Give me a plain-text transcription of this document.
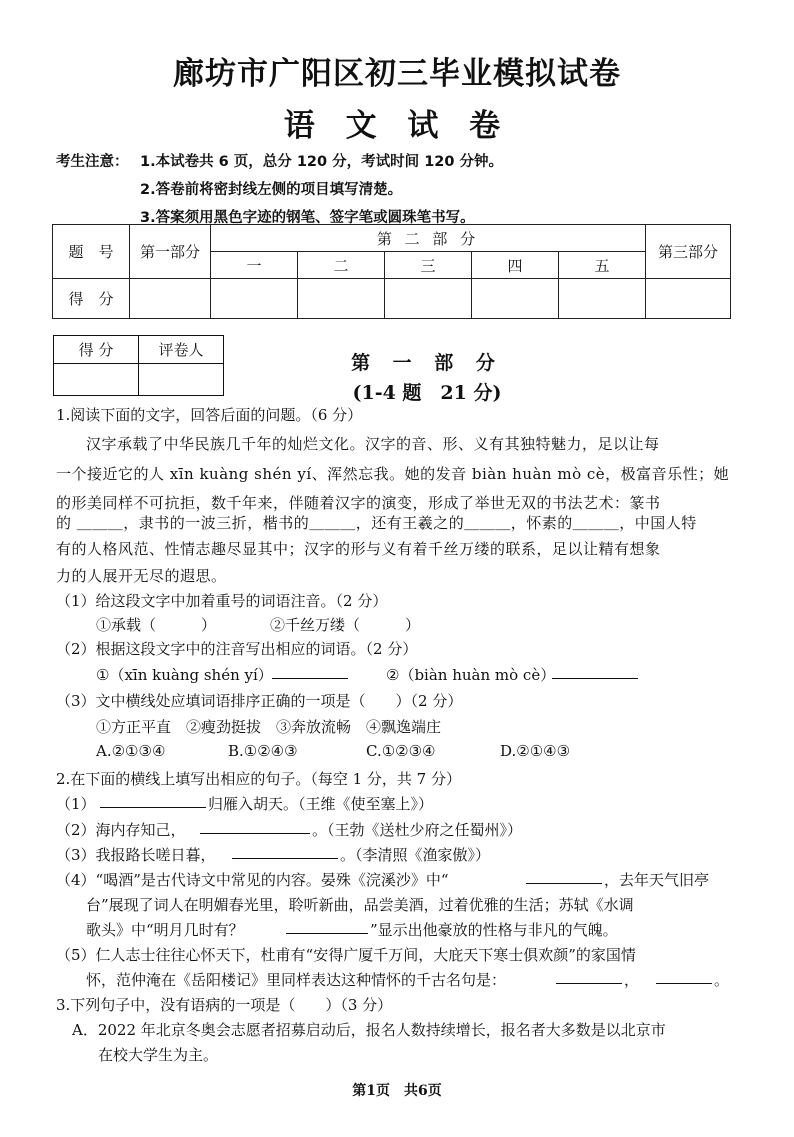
廊坊市广阳区初三毕业模拟试卷
语 文 试 卷
考生注意： 1.本试卷共 6 页，总分 120 分，考试时间 120 分钟。
2.答卷前将密封线左侧的项目填写清楚。
3.答案须用黑色字迹的钢笔、签字笔或圆珠笔书写。
题　号	第一部分	第 二 部 分					第三部分
		一	二	三	四	五	
得　分							
得 分	评卷人

第 一 部 分
(1-4 题　21 分)
1.阅读下面的文字，回答后面的问题。（6 分）
汉字承载了中华民族几千年的灿烂文化。汉字的音、形、义有其独特魅力，足以让每
一个接近它的人 xīn kuàng shén yí、浑然忘我。她的发音 biàn huàn mò cè，极富音乐性；她
的形美同样不可抗拒，数千年来，伴随着汉字的演变，形成了举世无双的书法艺术：篆书
的 ＿＿＿，隶书的一波三折，楷书的＿＿＿，还有王羲之的＿＿＿，怀素的＿＿＿，中国人特
有的人格风范、性情志趣尽显其中；汉字的形与义有着千丝万缕的联系，足以让精有想象
力的人展开无尽的遐思。
（1）给这段文字中加着重号的词语注音。（2 分）
①承载（　　　）	②千丝万缕（　　　）
（2）根据这段文字中的注音写出相应的词语。（2 分）
①（xīn kuàng shén yí）	②（biàn huàn mò cè）
（3）文中横线处应填词语排序正确的一项是（　　）（2 分）
①方正平直　②瘦劲挺拔　③奔放流畅　④飘逸端庄
A.②①③④	B.①②④③	C.①②③④	D.②①④③
2.在下面的横线上填写出相应的句子。（每空 1 分，共 7 分）
（1）	归雁入胡天。（王维《使至塞上》）
（2）海内存知己，	。（王勃《送杜少府之任蜀州》）
（3）我报路长嗟日暮，	。（李清照《渔家傲》）
（4）“喝酒”是古代诗文中常见的内容。晏殊《浣溪沙》中“	，去年天气旧亭
台”展现了词人在明媚春光里，聆听新曲，品尝美酒，过着优雅的生活；苏轼《水调
歌头》中“明月几时有？	”显示出他豪放的性格与非凡的气魄。
（5）仁人志士往往心怀天下，杜甫有“安得广厦千万间，大庇天下寒士俱欢颜”的家国情
怀，范仲淹在《岳阳楼记》里同样表达这种情怀的千古名句是：	，	。
3.下列句子中，没有语病的一项是（　　）（3 分）
A．2022 年北京冬奥会志愿者招募启动后，报名人数持续增长，报名者大多数是以北京市
在校大学生为主。
第1页　共6页
